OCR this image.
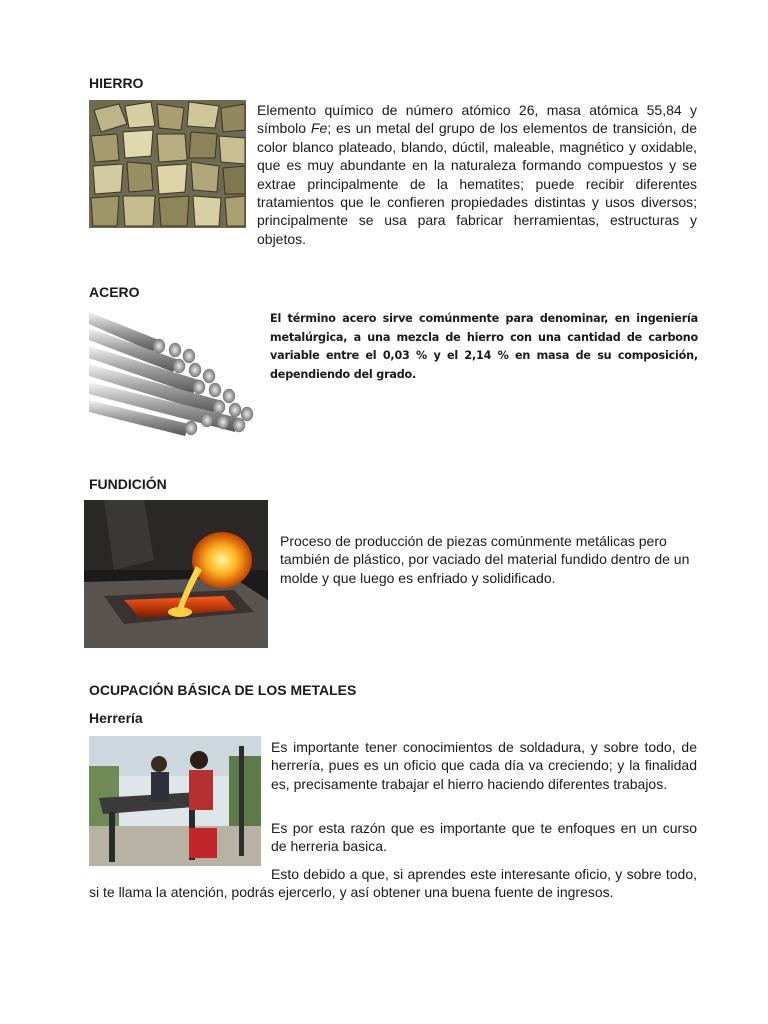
HIERRO

Elemento químico de número atómico 26, masa atómica 55,84 y símbolo Fe; es un metal del grupo de los elementos de transición, de color blanco plateado, blando, dúctil, maleable, magnético y oxidable, que es muy abundante en la naturaleza formando compuestos y se extrae principalmente de la hematites; puede recibir diferentes tratamientos que le confieren propiedades distintas y usos diversos; principalmente se usa para fabricar herramientas, estructuras y objetos.

ACERO

El término acero sirve comúnmente para denominar, en ingeniería metalúrgica, a una mezcla de hierro con una cantidad de carbono variable entre el 0,03 % y el 2,14 % en masa de su composición, dependiendo del grado.

FUNDICIÓN

Proceso de producción de piezas comúnmente metálicas pero también de plástico, por vaciado del material fundido dentro de un molde y que luego es enfriado y solidificado.

OCUPACIÓN BÁSICA DE LOS METALES
Herrería

Es importante tener conocimientos de soldadura, y sobre todo, de herrería, pues es un oficio que cada día va creciendo; y la finalidad es, precisamente trabajar el hierro haciendo diferentes trabajos.

Es por esta razón que es importante que te enfoques en un curso de herreria basica.

Esto debido a que, si aprendes este interesante oficio, y sobre todo, si te llama la atención, podrás ejercerlo, y así obtener una buena fuente de ingresos.
